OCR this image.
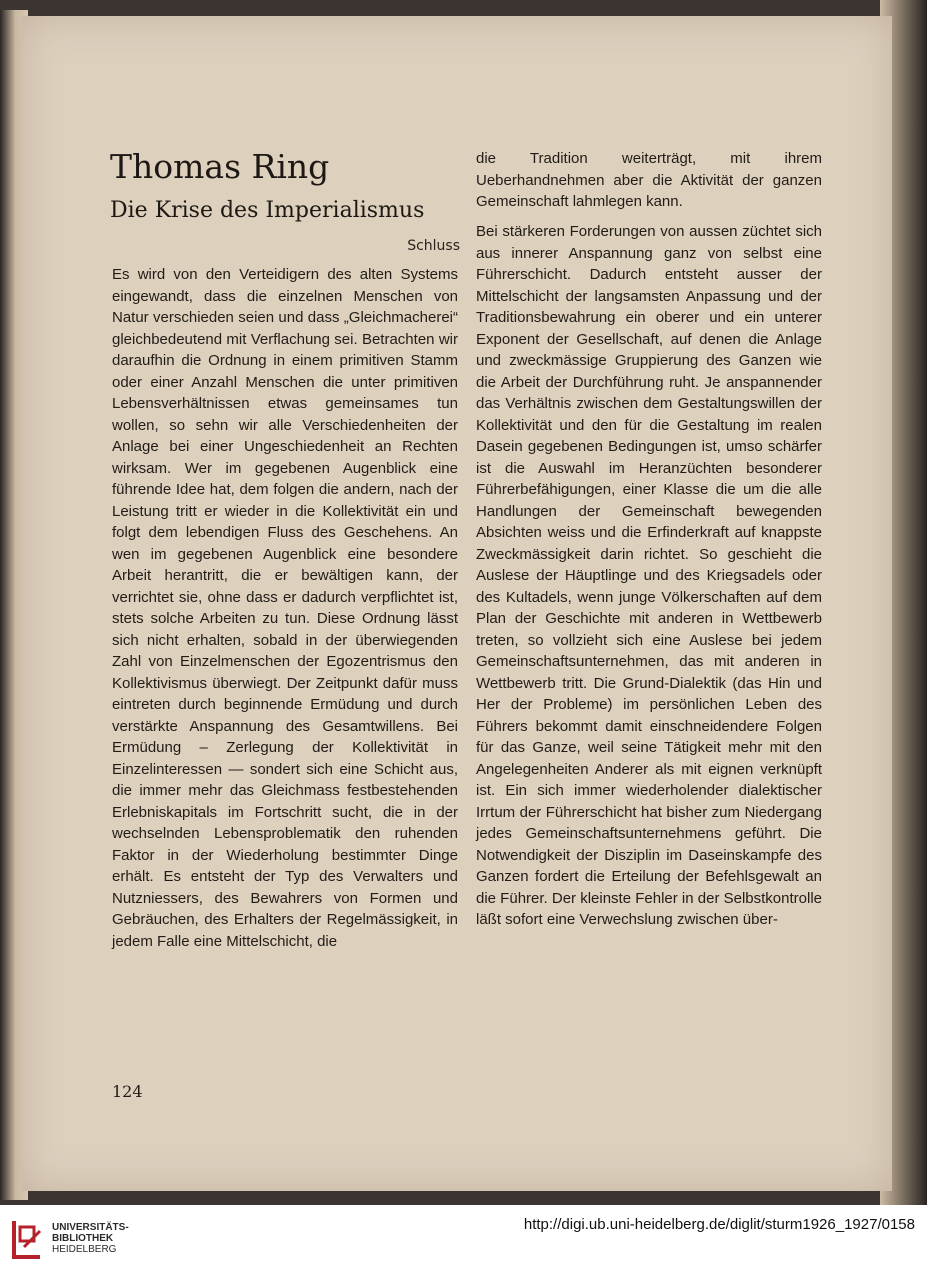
Thomas Ring
Die Krise des Imperialismus
Schluss

Es wird von den Verteidigern des alten Systems eingewandt, dass die einzelnen Menschen von Natur verschieden seien und dass „Gleichmacherei“ gleichbedeutend mit Verflachung sei. Betrachten wir daraufhin die Ordnung in einem primitiven Stamm oder einer Anzahl Menschen die unter primitiven Lebensverhältnissen etwas gemeinsames tun wollen, so sehn wir alle Verschiedenheiten der Anlage bei einer Ungeschiedenheit an Rechten wirksam. Wer im gegebenen Augenblick eine führende Idee hat, dem folgen die andern, nach der Leistung tritt er wieder in die Kollektivität ein und folgt dem lebendigen Fluss des Geschehens. An wen im gegebenen Augenblick eine besondere Arbeit herantritt, die er bewältigen kann, der verrichtet sie, ohne dass er dadurch verpflichtet ist, stets solche Arbeiten zu tun. Diese Ordnung lässt sich nicht erhalten, sobald in der überwiegenden Zahl von Einzelmenschen der Egozentrismus den Kollektivismus überwiegt. Der Zeitpunkt dafür muss eintreten durch beginnende Ermüdung und durch verstärkte Anspannung des Gesamtwillens. Bei Ermüdung – Zerlegung der Kollektivität in Einzelinteressen — sondert sich eine Schicht aus, die immer mehr das Gleichmass festbestehenden Erlebniskapitals im Fortschritt sucht, die in der wechselnden Lebensproblematik den ruhenden Faktor in der Wiederholung bestimmter Dinge erhält. Es entsteht der Typ des Verwalters und Nutzniessers, des Bewahrers von Formen und Gebräuchen, des Erhalters der Regelmässigkeit, in jedem Falle eine Mittelschicht, die

die Tradition weiterträgt, mit ihrem Ueberhandnehmen aber die Aktivität der ganzen Gemeinschaft lahmlegen kann.

Bei stärkeren Forderungen von aussen züchtet sich aus innerer Anspannung ganz von selbst eine Führerschicht. Dadurch entsteht ausser der Mittelschicht der langsamsten Anpassung und der Traditionsbewahrung ein oberer und ein unterer Exponent der Gesellschaft, auf denen die Anlage und zweckmässige Gruppierung des Ganzen wie die Arbeit der Durchführung ruht. Je anspannender das Verhältnis zwischen dem Gestaltungswillen der Kollektivität und den für die Gestaltung im realen Dasein gegebenen Bedingungen ist, umso schärfer ist die Auswahl im Heranzüchten besonderer Führerbefähigungen, einer Klasse die um die alle Handlungen der Gemeinschaft bewegenden Absichten weiss und die Erfinderkraft auf knappste Zweckmässigkeit darin richtet. So geschieht die Auslese der Häuptlinge und des Kriegsadels oder des Kultadels, wenn junge Völkerschaften auf dem Plan der Geschichte mit anderen in Wettbewerb treten, so vollzieht sich eine Auslese bei jedem Gemeinschaftsunternehmen, das mit anderen in Wettbewerb tritt. Die Grund-Dialektik (das Hin und Her der Probleme) im persönlichen Leben des Führers bekommt damit einschneidendere Folgen für das Ganze, weil seine Tätigkeit mehr mit den Angelegenheiten Anderer als mit eignen verknüpft ist. Ein sich immer wiederholender dialektischer Irrtum der Führerschicht hat bisher zum Niedergang jedes Gemeinschaftsunternehmens geführt. Die Notwendigkeit der Disziplin im Daseinskampfe des Ganzen fordert die Erteilung der Befehlsgewalt an die Führer. Der kleinste Fehler in der Selbstkontrolle läßt sofort eine Verwechslung zwischen über-

124
UNIVERSITÄTS-
BIBLIOTHEK
HEIDELBERG
http://digi.ub.uni-heidelberg.de/diglit/sturm1926_1927/0158
